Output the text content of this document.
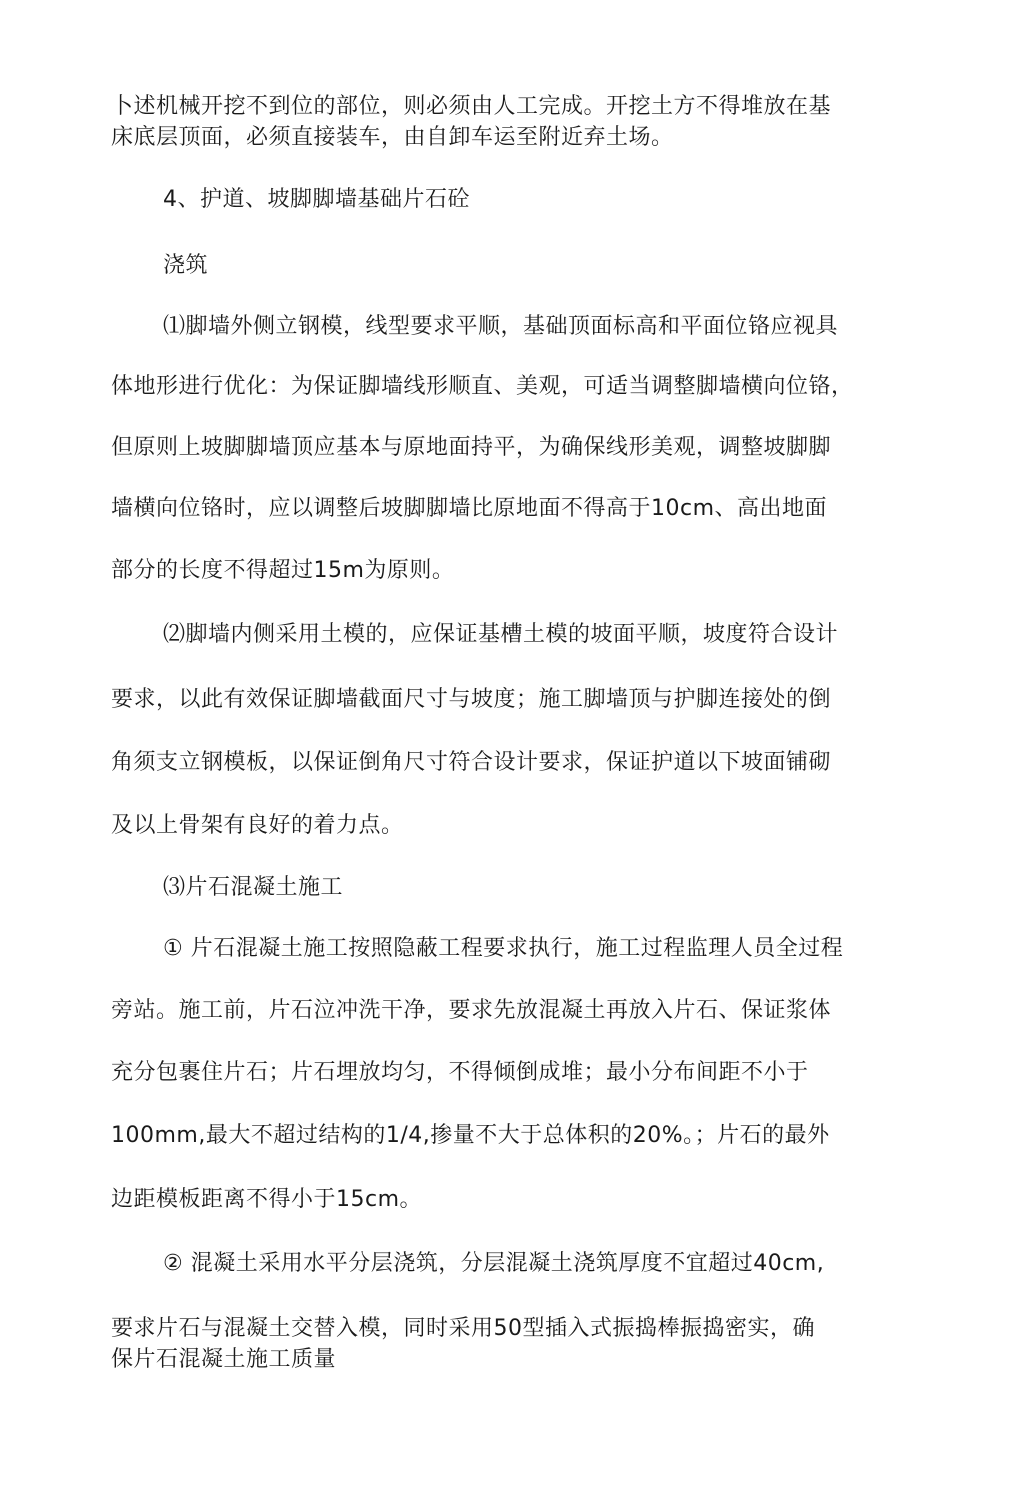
卜述机械开挖不到位的部位，则必须由人工完成。开挖土方不得堆放在基
床底层顶面，必须直接装车，由自卸车运至附近弃土场。
4、护道、坡脚脚墙基础片石砼
浇筑
⑴脚墙外侧立钢模，线型要求平顺，基础顶面标高和平面位铬应视具
体地形进行优化：为保证脚墙线形顺直、美观，可适当调整脚墙横向位铬，
但原则上坡脚脚墙顶应基本与原地面持平，为确保线形美观，调整坡脚脚
墙横向位铬时，应以调整后坡脚脚墙比原地面不得高于10cm、高出地面
部分的长度不得超过15m为原则。
⑵脚墙内侧采用土模的，应保证基槽土模的坡面平顺，坡度符合设计
要求，以此有效保证脚墙截面尺寸与坡度；施工脚墙顶与护脚连接处的倒
角须支立钢模板，以保证倒角尺寸符合设计要求，保证护道以下坡面铺砌
及以上骨架有良好的着力点。
⑶片石混凝土施工
① 片石混凝土施工按照隐蔽工程要求执行，施工过程监理人员全过程
旁站。施工前，片石泣冲洗干净，要求先放混凝土再放入片石、保证浆体
充分包裹住片石；片石埋放均匀，不得倾倒成堆；最小分布间距不小于
100mm,最大不超过结构的1/4,掺量不大于总体积的20%。；片石的最外
边距模板距离不得小于15cm。
② 混凝土采用水平分层浇筑，分层混凝土浇筑厚度不宜超过40cm,
要求片石与混凝土交替入模，同时采用50型插入式振捣棒振捣密实，确
保片石混凝土施工质量
